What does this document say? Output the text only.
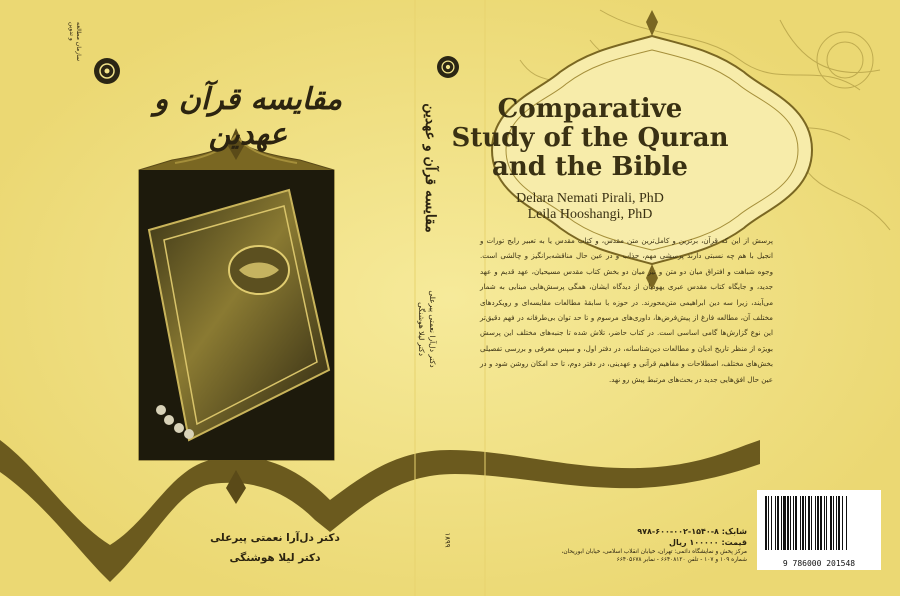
سازمان مطالعه و تدوین
مقایسه قرآن و عهدین	مقایسه قرآن و عهدین
دکتر دل‌آرا نعمتی پیرعلی
دکتر لیلا هوشنگی
۱۸۹۹
Comparative
Study of the Quran
and the Bible
Delara Nemati Pirali, PhD
Leila Hooshangi, PhD
پرسش از این که قرآن، برترین و کامل‌ترین متن مقدس، و کتاب مقدس یا به تعبیر رایج تورات و انجیل با هم چه نسبتی دارند پرسشی مهم، جذاب و در عین حال مناقشه‌برانگیز و چالشی است. وجوه شباهت و افتراق میان دو متن و نیز میان دو بخش کتاب مقدس مسیحیان، عهد قدیم و عهد جدید، و جایگاه کتاب مقدس عبری یهودیان از دیدگاه ایشان، همگی پرسش‌هایی مبنایی به شمار می‌آیند، زیرا سه دین ابراهیمی متن‌محورند. در حوزه با سابقهٔ مطالعات مقایسه‌ای و رویکردهای مختلف آن، مطالعه فارغ از پیش‌فرض‌ها، داوری‌های مرسوم و تا حد توان بی‌طرفانه در فهم دقیق‌تر این نوع گزارش‌ها گامی اساسی است. در کتاب حاضر، تلاش شده تا جنبه‌های مختلف این پرسش بویژه از منظر تاریخ ادیان و مطالعات دین‌شناسانه، در دفتر اول، و سپس معرفی و بررسی تفصیلی بخش‌های مختلف، اصطلاحات و مفاهیم قرآنی و عهدینی، در دفتر دوم، تا حد امکان روشن شود و در عین حال افق‌هایی جدید در بحث‌های مرتبط پیش رو نهد.
دکتر دل‌آرا نعمتی پیرعلی
دکتر لیلا هوشنگی
شابک: ۸-۱۵۴۰-۰۰۲-۶۰۰-۹۷۸
قیمت: ۱۰۰۰۰۰ ریال
مرکز پخش و نمایشگاه دائمی: تهران، خیابان انقلاب اسلامی، خیابان ابوریحان،
شماره ۱۰۹ و ۱۰۷ - تلفن ۶۶۴۰۸۱۲۰ - نمابر ۶۶۴۰۵۶۷۸	9 786000 201548
